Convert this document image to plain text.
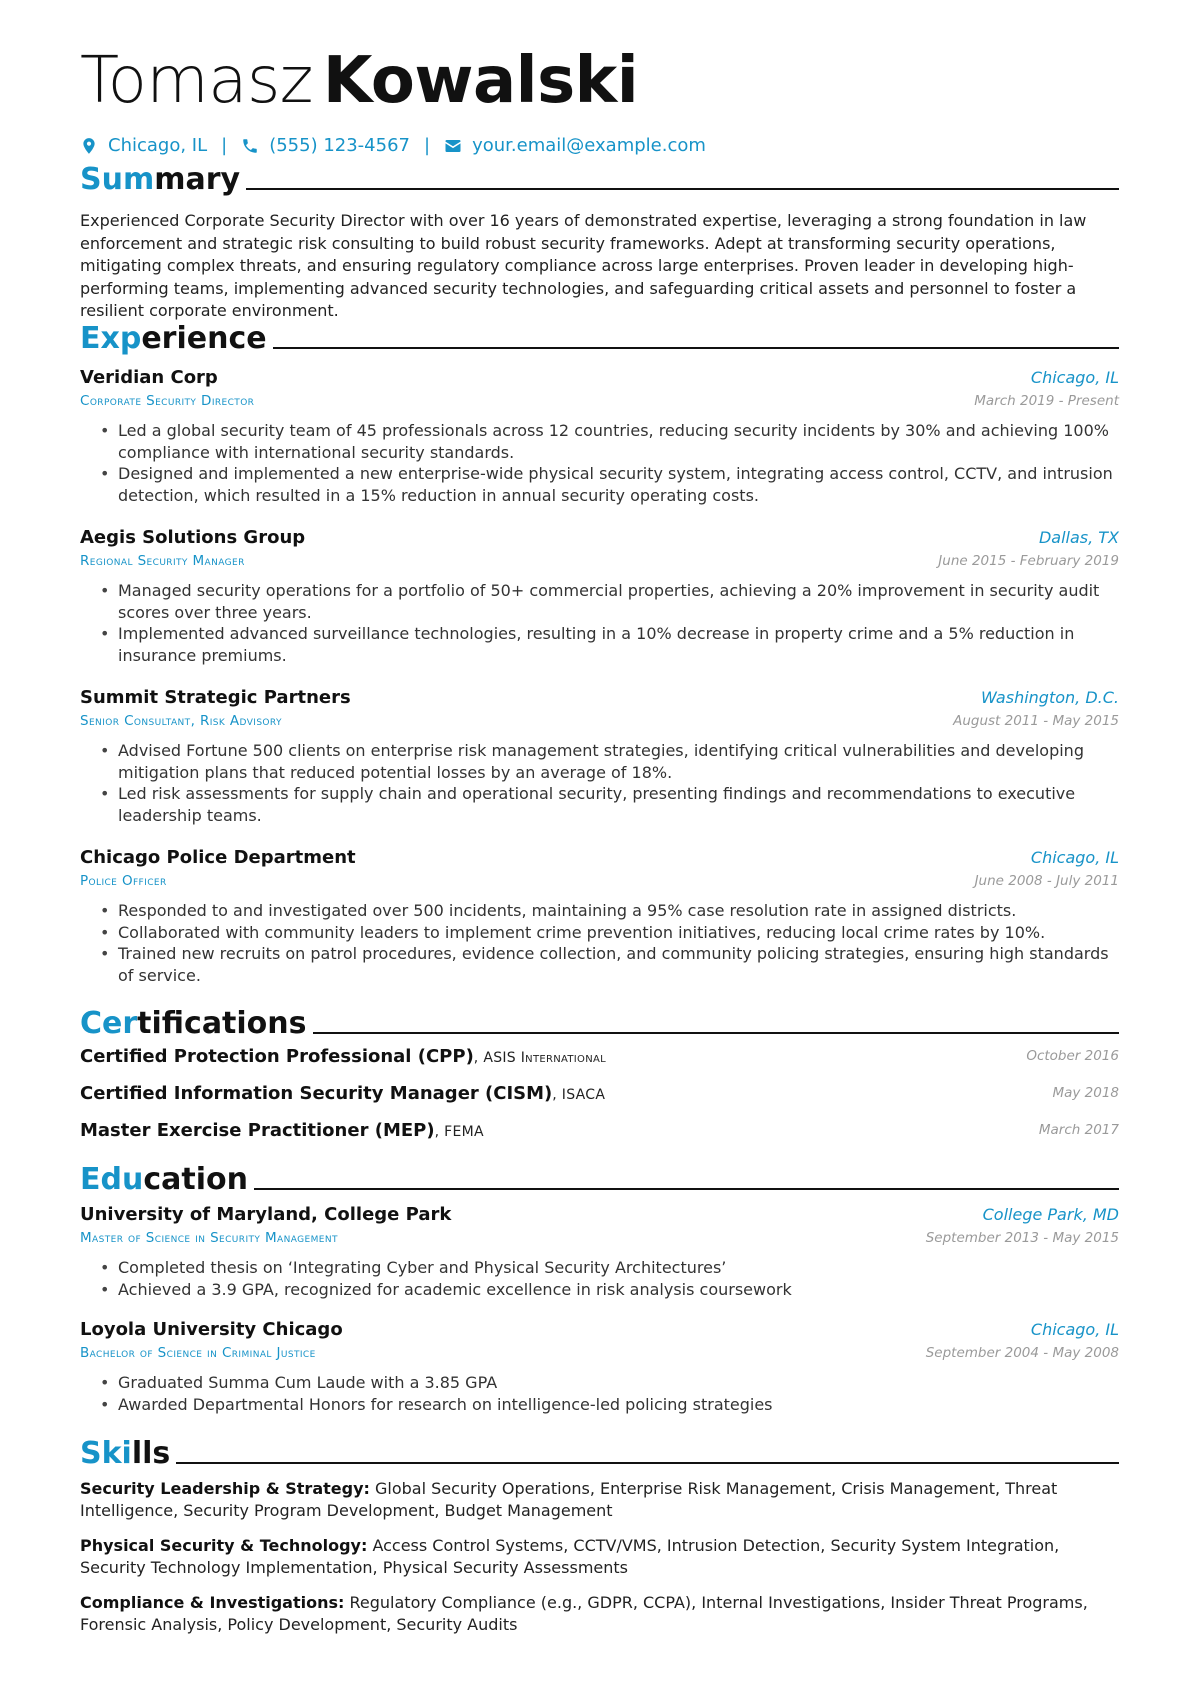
Tomasz Kowalski
Chicago, IL | (555) 123-4567 | your.email@example.com
Summary
Experienced Corporate Security Director with over 16 years of demonstrated expertise, leveraging a strong foundation in law enforcement and strategic risk consulting to build robust security frameworks. Adept at transforming security operations, mitigating complex threats, and ensuring regulatory compliance across large enterprises. Proven leader in developing high-performing teams, implementing advanced security technologies, and safeguarding critical assets and personnel to foster a resilient corporate environment.
Experience
Veridian Corp	Chicago, IL
Corporate Security Director	March 2019 - Present
• Led a global security team of 45 professionals across 12 countries, reducing security incidents by 30% and achieving 100% compliance with international security standards.
• Designed and implemented a new enterprise-wide physical security system, integrating access control, CCTV, and intrusion detection, which resulted in a 15% reduction in annual security operating costs.
Aegis Solutions Group	Dallas, TX
Regional Security Manager	June 2015 - February 2019
• Managed security operations for a portfolio of 50+ commercial properties, achieving a 20% improvement in security audit scores over three years.
• Implemented advanced surveillance technologies, resulting in a 10% decrease in property crime and a 5% reduction in insurance premiums.
Summit Strategic Partners	Washington, D.C.
Senior Consultant, Risk Advisory	August 2011 - May 2015
• Advised Fortune 500 clients on enterprise risk management strategies, identifying critical vulnerabilities and developing mitigation plans that reduced potential losses by an average of 18%.
• Led risk assessments for supply chain and operational security, presenting findings and recommendations to executive leadership teams.
Chicago Police Department	Chicago, IL
Police Officer	June 2008 - July 2011
• Responded to and investigated over 500 incidents, maintaining a 95% case resolution rate in assigned districts.
• Collaborated with community leaders to implement crime prevention initiatives, reducing local crime rates by 10%.
• Trained new recruits on patrol procedures, evidence collection, and community policing strategies, ensuring high standards of service.
Certifications
Certified Protection Professional (CPP), ASIS International	October 2016
Certified Information Security Manager (CISM), ISACA	May 2018
Master Exercise Practitioner (MEP), FEMA	March 2017
Education
University of Maryland, College Park	College Park, MD
Master of Science in Security Management	September 2013 - May 2015
• Completed thesis on ‘Integrating Cyber and Physical Security Architectures’
• Achieved a 3.9 GPA, recognized for academic excellence in risk analysis coursework
Loyola University Chicago	Chicago, IL
Bachelor of Science in Criminal Justice	September 2004 - May 2008
• Graduated Summa Cum Laude with a 3.85 GPA
• Awarded Departmental Honors for research on intelligence-led policing strategies
Skills
Security Leadership & Strategy: Global Security Operations, Enterprise Risk Management, Crisis Management, Threat Intelligence, Security Program Development, Budget Management
Physical Security & Technology: Access Control Systems, CCTV/VMS, Intrusion Detection, Security System Integration, Security Technology Implementation, Physical Security Assessments
Compliance & Investigations: Regulatory Compliance (e.g., GDPR, CCPA), Internal Investigations, Insider Threat Programs, Forensic Analysis, Policy Development, Security Audits
